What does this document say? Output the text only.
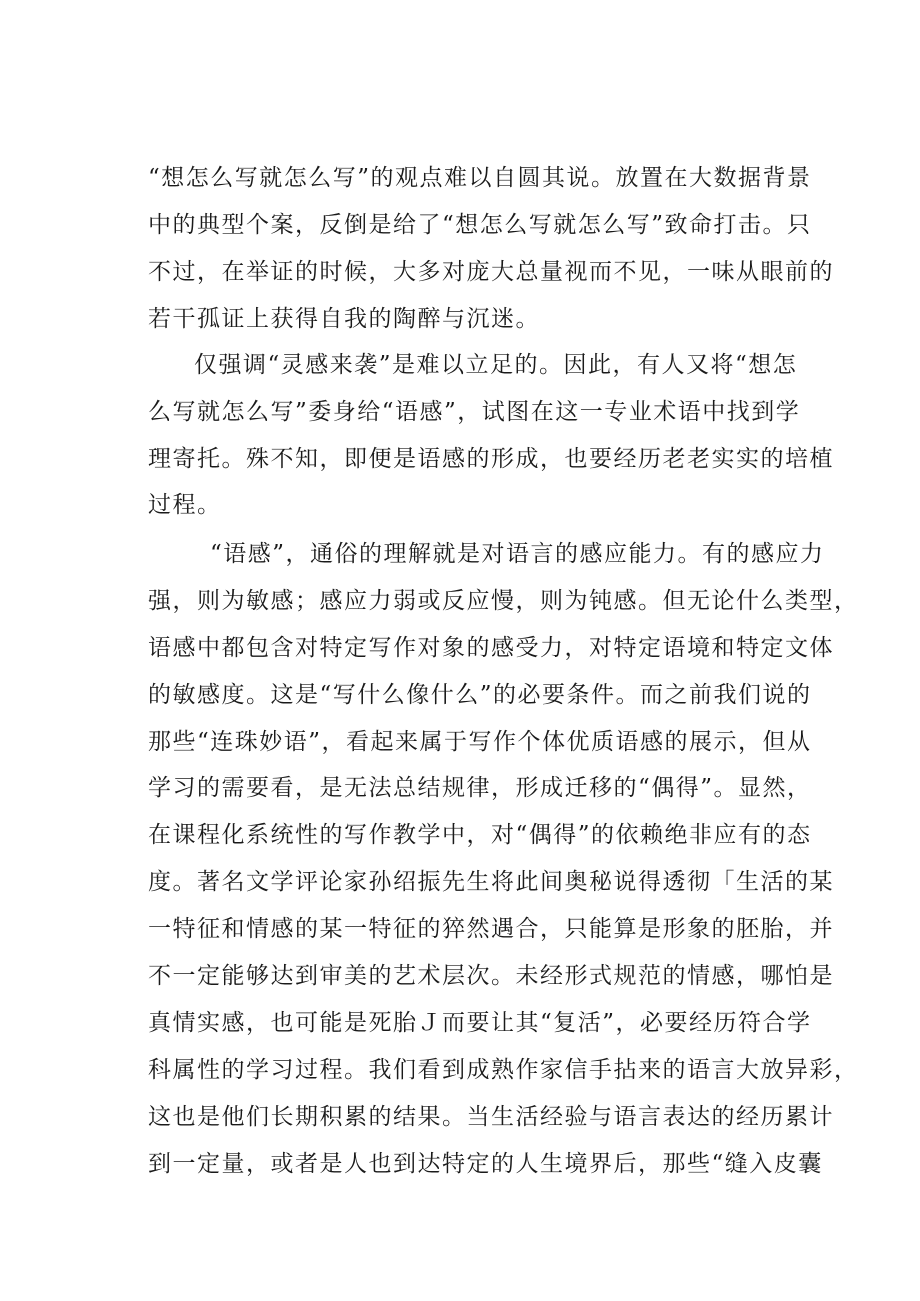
“想怎么写就怎么写”的观点难以自圆其说。放置在大数据背景
中的典型个案，反倒是给了“想怎么写就怎么写”致命打击。只
不过，在举证的时候，大多对庞大总量视而不见，一味从眼前的
若干孤证上获得自我的陶醉与沉迷。
仅强调“灵感来袭”是难以立足的。因此，有人又将“想怎
么写就怎么写”委身给“语感”，试图在这一专业术语中找到学
理寄托。殊不知，即便是语感的形成，也要经历老老实实的培植
过程。
“语感”，通俗的理解就是对语言的感应能力。有的感应力
强，则为敏感；感应力弱或反应慢，则为钝感。但无论什么类型，
语感中都包含对特定写作对象的感受力，对特定语境和特定文体
的敏感度。这是“写什么像什么”的必要条件。而之前我们说的
那些“连珠妙语”，看起来属于写作个体优质语感的展示，但从
学习的需要看，是无法总结规律，形成迁移的“偶得”。显然，
在课程化系统性的写作教学中，对“偶得”的依赖绝非应有的态
度。著名文学评论家孙绍振先生将此间奥秘说得透彻「生活的某
一特征和情感的某一特征的猝然遇合，只能算是形象的胚胎，并
不一定能够达到审美的艺术层次。未经形式规范的情感，哪怕是
真情实感，也可能是死胎Ｊ而要让其“复活”，必要经历符合学
科属性的学习过程。我们看到成熟作家信手拈来的语言大放异彩，
这也是他们长期积累的结果。当生活经验与语言表达的经历累计
到一定量，或者是人也到达特定的人生境界后，那些“缝入皮囊
